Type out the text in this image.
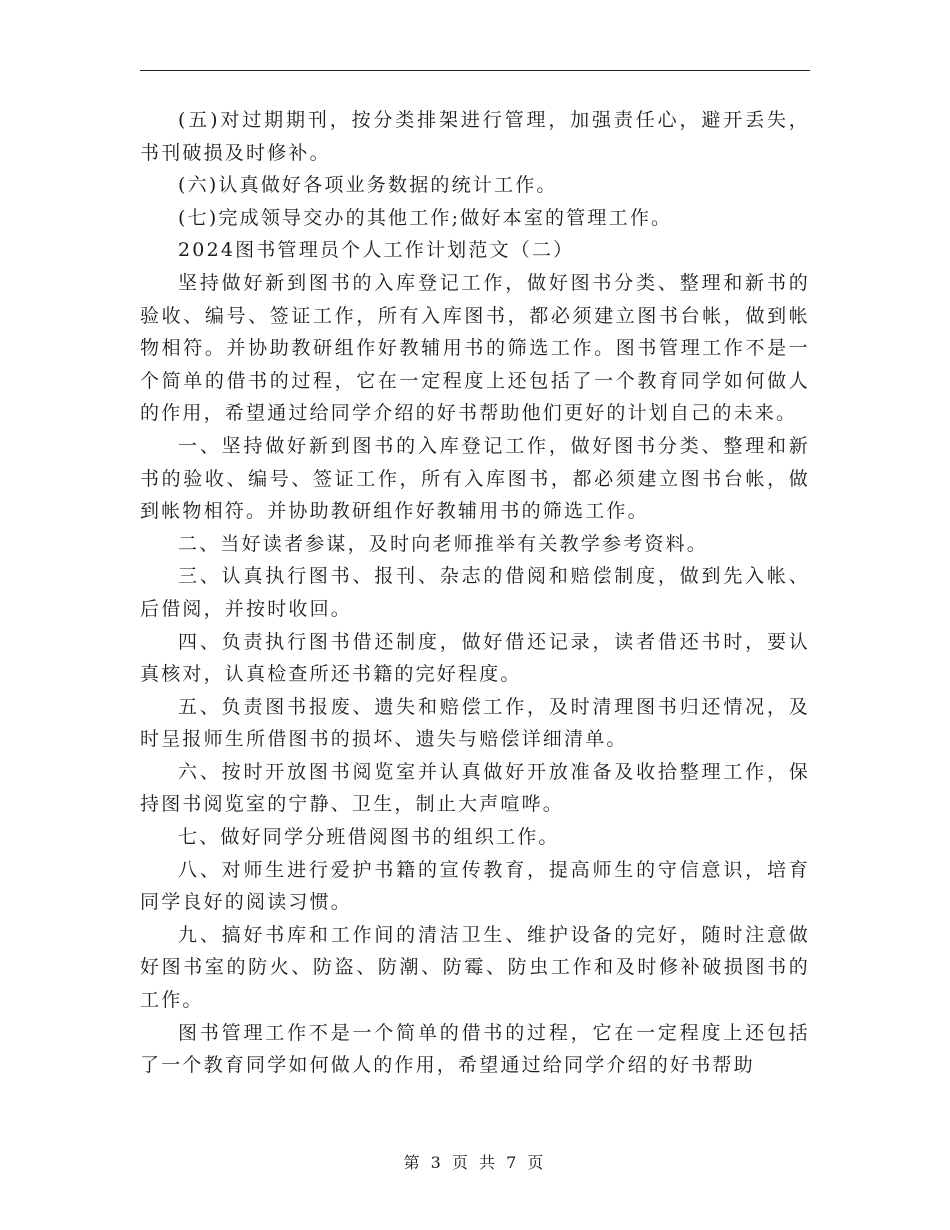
(五)对过期期刊，按分类排架进行管理，加强责任心，避开丢失，书刊破损及时修补。

(六)认真做好各项业务数据的统计工作。

(七)完成领导交办的其他工作;做好本室的管理工作。

2024图书管理员个人工作计划范文（二）

坚持做好新到图书的入库登记工作，做好图书分类、整理和新书的验收、编号、签证工作，所有入库图书，都必须建立图书台帐，做到帐物相符。并协助教研组作好教辅用书的筛选工作。图书管理工作不是一个简单的借书的过程，它在一定程度上还包括了一个教育同学如何做人的作用，希望通过给同学介绍的好书帮助他们更好的计划自己的未来。

一、坚持做好新到图书的入库登记工作，做好图书分类、整理和新书的验收、编号、签证工作，所有入库图书，都必须建立图书台帐，做到帐物相符。并协助教研组作好教辅用书的筛选工作。

二、当好读者参谋，及时向老师推举有关教学参考资料。

三、认真执行图书、报刊、杂志的借阅和赔偿制度，做到先入帐、后借阅，并按时收回。

四、负责执行图书借还制度，做好借还记录，读者借还书时，要认真核对，认真检查所还书籍的完好程度。

五、负责图书报废、遗失和赔偿工作，及时清理图书归还情况，及时呈报师生所借图书的损坏、遗失与赔偿详细清单。

六、按时开放图书阅览室并认真做好开放准备及收拾整理工作，保持图书阅览室的宁静、卫生，制止大声喧哗。

七、做好同学分班借阅图书的组织工作。

八、对师生进行爱护书籍的宣传教育，提高师生的守信意识，培育同学良好的阅读习惯。

九、搞好书库和工作间的清洁卫生、维护设备的完好，随时注意做好图书室的防火、防盗、防潮、防霉、防虫工作和及时修补破损图书的工作。

图书管理工作不是一个简单的借书的过程，它在一定程度上还包括了一个教育同学如何做人的作用，希望通过给同学介绍的好书帮助

第 3 页 共 7 页
